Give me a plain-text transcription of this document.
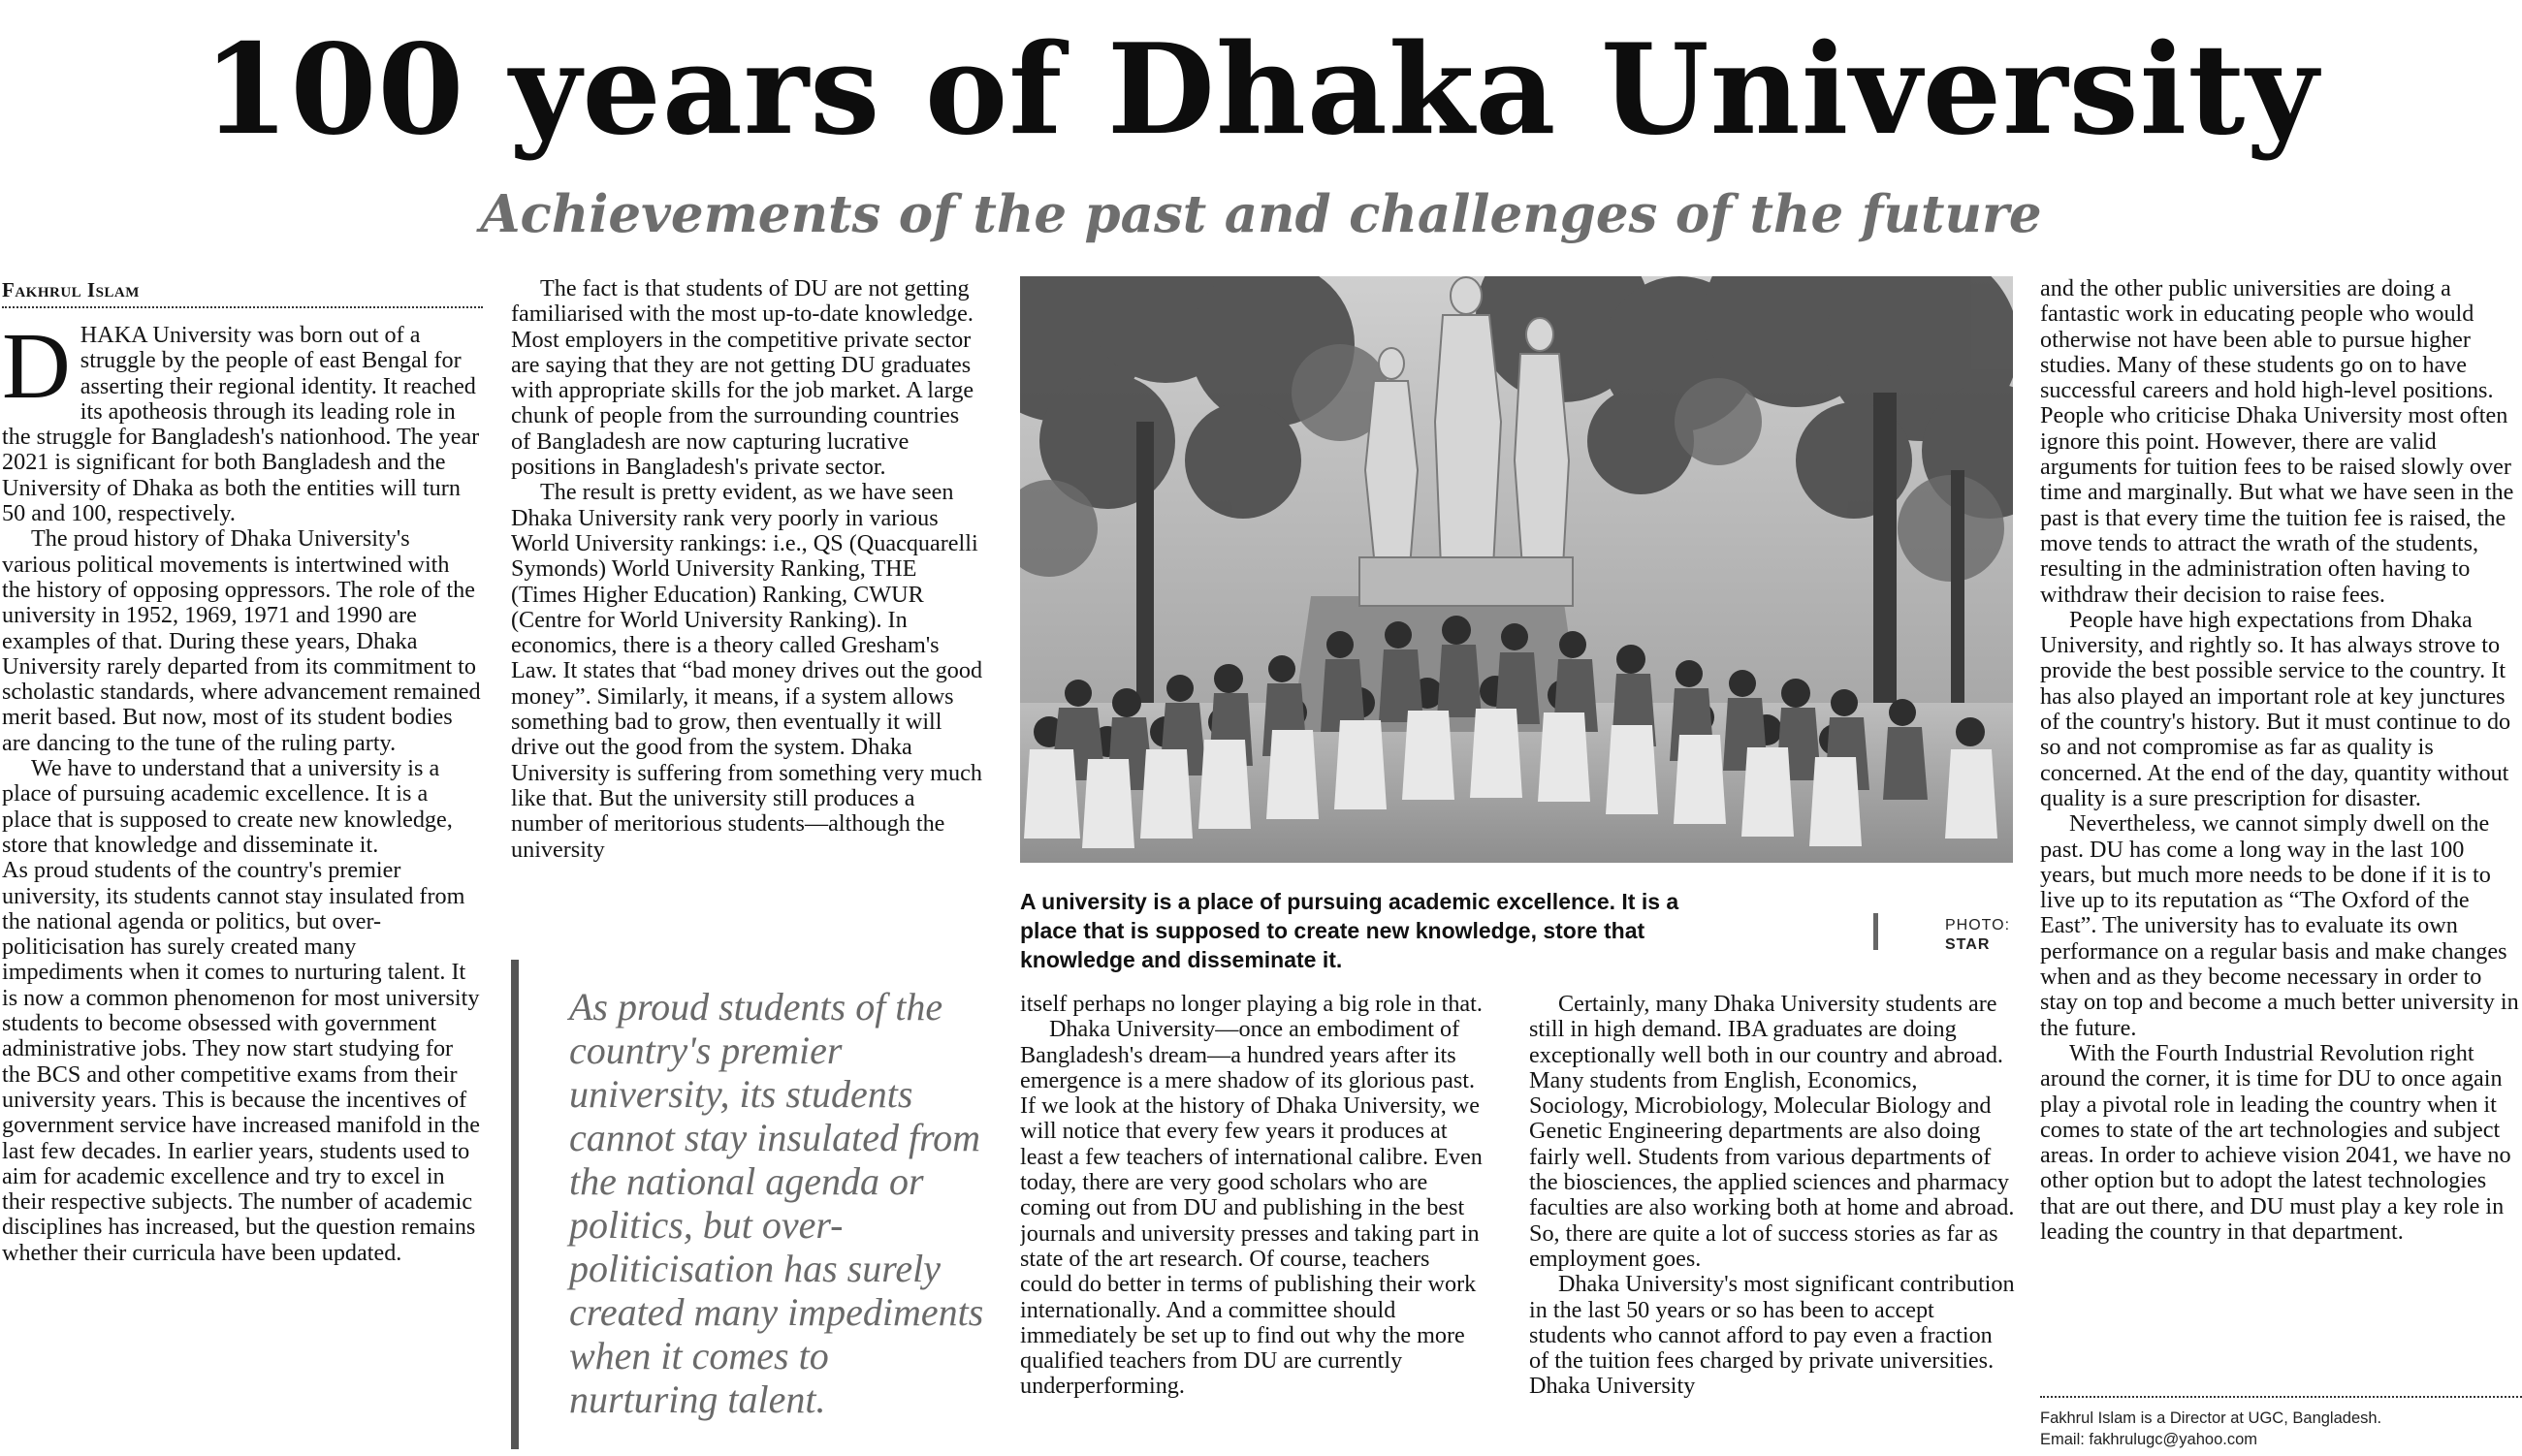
100 years of Dhaka University
Achievements of the past and challenges of the future
Fakhrul Islam

DHAKA University was born out of a struggle by the people of east Bengal for asserting their regional identity. It reached its apotheosis through its leading role in the struggle for Bangladesh's nationhood. The year 2021 is significant for both Bangladesh and the University of Dhaka as both the entities will turn 50 and 100, respectively.

The proud history of Dhaka University's various political movements is intertwined with the history of opposing oppressors. The role of the university in 1952, 1969, 1971 and 1990 are examples of that. During these years, Dhaka University rarely departed from its commitment to scholastic standards, where advancement remained merit based. But now, most of its student bodies are dancing to the tune of the ruling party.

We have to understand that a university is a place of pursuing academic excellence. It is a place that is supposed to create new knowledge, store that knowledge and disseminate it.

As proud students of the country's premier university, its students cannot stay insulated from the national agenda or politics, but over-politicisation has surely created many impediments when it comes to nurturing talent. It is now a common phenomenon for most university students to become obsessed with government administrative jobs. They now start studying for the BCS and other competitive exams from their university years. This is because the incentives of government service have increased manifold in the last few decades. In earlier years, students used to aim for academic excellence and try to excel in their respective subjects. The number of academic disciplines has increased, but the question remains whether their curricula have been updated.

The fact is that students of DU are not getting familiarised with the most up-to-date knowledge. Most employers in the competitive private sector are saying that they are not getting DU graduates with appropriate skills for the job market. A large chunk of people from the surrounding countries of Bangladesh are now capturing lucrative positions in Bangladesh's private sector.

The result is pretty evident, as we have seen Dhaka University rank very poorly in various World University rankings: i.e., QS (Quacquarelli Symonds) World University Ranking, THE (Times Higher Education) Ranking, CWUR (Centre for World University Ranking). In economics, there is a theory called Gresham's Law. It states that “bad money drives out the good money”. Similarly, it means, if a system allows something bad to grow, then eventually it will drive out the good from the system. Dhaka University is suffering from something very much like that. But the university still produces a number of meritorious students—although the university

As proud students of the country's premier university, its students cannot stay insulated from the national agenda or politics, but over-politicisation has surely created many impediments when it comes to nurturing talent.
A university is a place of pursuing academic excellence. It is a place that is supposed to create new knowledge, store that knowledge and disseminate it.
PHOTO:
STAR

itself perhaps no longer playing a big role in that.

Dhaka University—once an embodiment of Bangladesh's dream—a hundred years after its emergence is a mere shadow of its glorious past. If we look at the history of Dhaka University, we will notice that every few years it produces at least a few teachers of international calibre. Even today, there are very good scholars who are coming out from DU and publishing in the best journals and university presses and taking part in state of the art research. Of course, teachers could do better in terms of publishing their work internationally. And a committee should immediately be set up to find out why the more qualified teachers from DU are currently underperforming.

Certainly, many Dhaka University students are still in high demand. IBA graduates are doing exceptionally well both in our country and abroad. Many students from English, Economics, Sociology, Microbiology, Molecular Biology and Genetic Engineering departments are also doing fairly well. Students from various departments of the biosciences, the applied sciences and pharmacy faculties are also working both at home and abroad. So, there are quite a lot of success stories as far as employment goes.

Dhaka University's most significant contribution in the last 50 years or so has been to accept students who cannot afford to pay even a fraction of the tuition fees charged by private universities. Dhaka University

and the other public universities are doing a fantastic work in educating people who would otherwise not have been able to pursue higher studies. Many of these students go on to have successful careers and hold high-level positions. People who criticise Dhaka University most often ignore this point. However, there are valid arguments for tuition fees to be raised slowly over time and marginally. But what we have seen in the past is that every time the tuition fee is raised, the move tends to attract the wrath of the students, resulting in the administration often having to withdraw their decision to raise fees.

People have high expectations from Dhaka University, and rightly so. It has always strove to provide the best possible service to the country. It has also played an important role at key junctures of the country's history. But it must continue to do so and not compromise as far as quality is concerned. At the end of the day, quantity without quality is a sure prescription for disaster.

Nevertheless, we cannot simply dwell on the past. DU has come a long way in the last 100 years, but much more needs to be done if it is to live up to its reputation as “The Oxford of the East”. The university has to evaluate its own performance on a regular basis and make changes when and as they become necessary in order to stay on top and become a much better university in the future.

With the Fourth Industrial Revolution right around the corner, it is time for DU to once again play a pivotal role in leading the country when it comes to state of the art technologies and subject areas. In order to achieve vision 2041, we have no other option but to adopt the latest technologies that are out there, and DU must play a key role in leading the country in that department.

Fakhrul Islam is a Director at UGC, Bangladesh.
Email: fakhrulugc@yahoo.com
